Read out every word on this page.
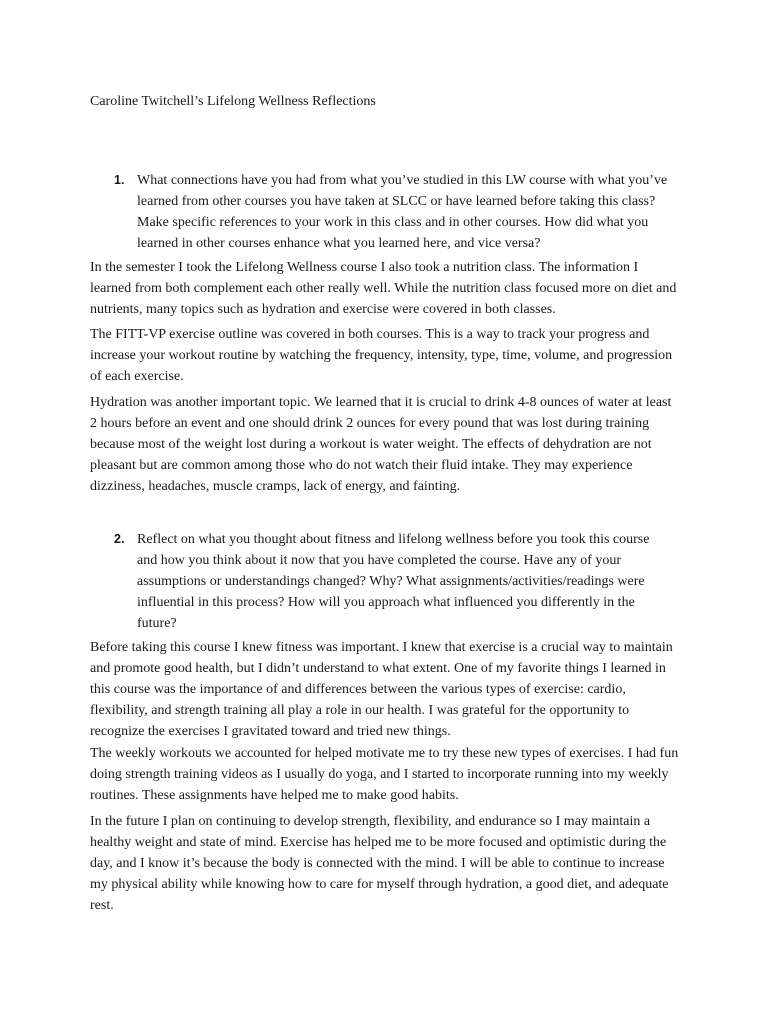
Caroline Twitchell’s Lifelong Wellness Reflections
1. What connections have you had from what you’ve studied in this LW course with what you’ve learned from other courses you have taken at SLCC or have learned before taking this class? Make specific references to your work in this class and in other courses. How did what you learned in other courses enhance what you learned here, and vice versa?

In the semester I took the Lifelong Wellness course I also took a nutrition class. The information I learned from both complement each other really well. While the nutrition class focused more on diet and nutrients, many topics such as hydration and exercise were covered in both classes.

The FITT-VP exercise outline was covered in both courses. This is a way to track your progress and increase your workout routine by watching the frequency, intensity, type, time, volume, and progression of each exercise.

Hydration was another important topic. We learned that it is crucial to drink 4-8 ounces of water at least 2 hours before an event and one should drink 2 ounces for every pound that was lost during training because most of the weight lost during a workout is water weight. The effects of dehydration are not pleasant but are common among those who do not watch their fluid intake. They may experience dizziness, headaches, muscle cramps, lack of energy, and fainting.

2. Reflect on what you thought about fitness and lifelong wellness before you took this course and how you think about it now that you have completed the course. Have any of your assumptions or understandings changed? Why? What assignments/activities/readings were influential in this process? How will you approach what influenced you differently in the future?

Before taking this course I knew fitness was important. I knew that exercise is a crucial way to maintain and promote good health, but I didn’t understand to what extent. One of my favorite things I learned in this course was the importance of and differences between the various types of exercise: cardio, flexibility, and strength training all play a role in our health. I was grateful for the opportunity to recognize the exercises I gravitated toward and tried new things.

The weekly workouts we accounted for helped motivate me to try these new types of exercises. I had fun doing strength training videos as I usually do yoga, and I started to incorporate running into my weekly routines. These assignments have helped me to make good habits.

In the future I plan on continuing to develop strength, flexibility, and endurance so I may maintain a healthy weight and state of mind. Exercise has helped me to be more focused and optimistic during the day, and I know it’s because the body is connected with the mind. I will be able to continue to increase my physical ability while knowing how to care for myself through hydration, a good diet, and adequate rest.
